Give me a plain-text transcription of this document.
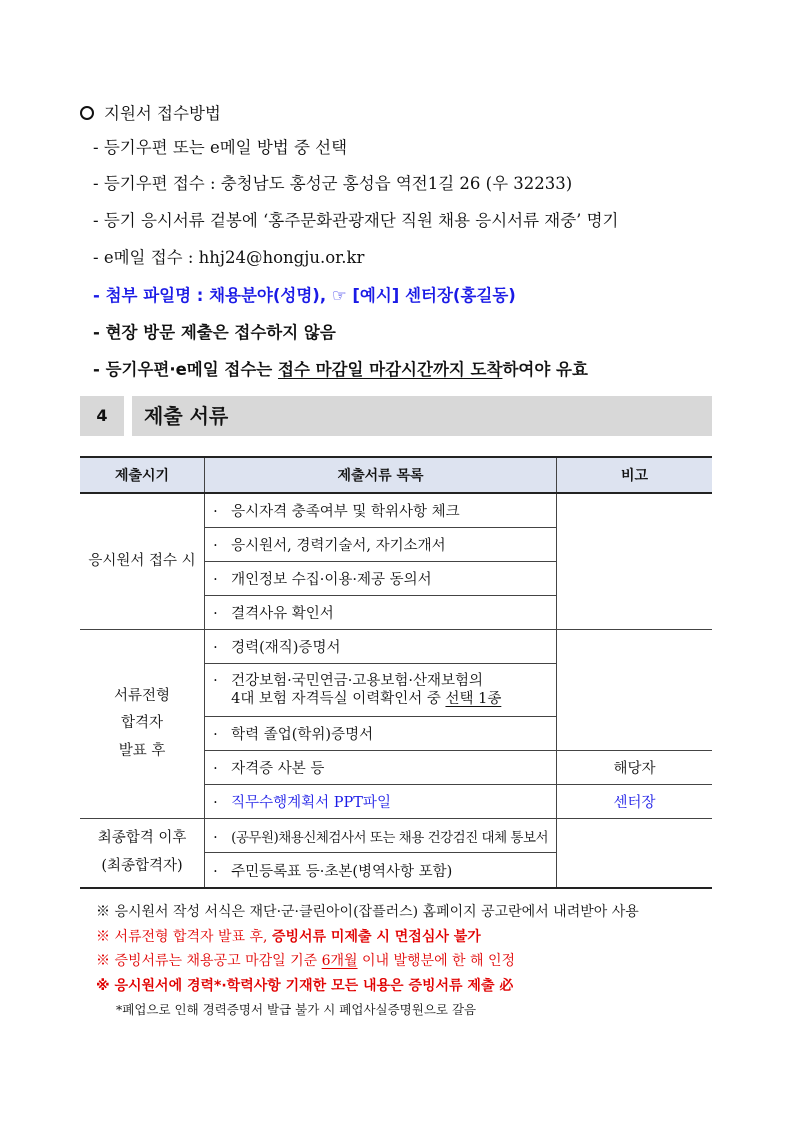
지원서 접수방법
- 등기우편 또는 e메일 방법 중 선택
- 등기우편 접수 : 충청남도 홍성군 홍성읍 역전1길 26 (우 32233)
- 등기 응시서류 겉봉에 ‘홍주문화관광재단 직원 채용 응시서류 재중’ 명기
- e메일 접수 : hhj24@hongju.or.kr
- 첨부 파일명 : 채용분야(성명), ☞ [예시] 센터장(홍길동)
- 현장 방문 제출은 접수하지 않음
- 등기우편·e메일 접수는 접수 마감일 마감시간까지 도착하여야 유효
4	제출 서류
제출시기	제출서류 목록	비고
응시원서 접수 시	· 응시자격 충족여부 및 학위사항 체크	
	· 응시원서, 경력기술서, 자기소개서	
	· 개인정보 수집·이용·제공 동의서	
	· 결격사유 확인서	
서류전형
합격자
발표 후	· 경력(재직)증명서	
	· 건강보험·국민연금·고용보험·산재보험의
4대 보험 자격득실 이력확인서 중 선택 1종	
	· 학력 졸업(학위)증명서	
	· 자격증 사본 등	해당자
	· 직무수행계획서 PPT파일	센터장
최종합격 이후
(최종합격자)	· (공무원)채용신체검사서 또는 채용 건강검진 대체 통보서	
	· 주민등록표 등·초본(병역사항 포함)	
※ 응시원서 작성 서식은 재단·군·클린아이(잡플러스) 홈페이지 공고란에서 내려받아 사용
※ 서류전형 합격자 발표 후, 증빙서류 미제출 시 면접심사 불가
※ 증빙서류는 채용공고 마감일 기준 6개월 이내 발행분에 한 해 인정
※ 응시원서에 경력*·학력사항 기재한 모든 내용은 증빙서류 제출 必
*폐업으로 인해 경력증명서 발급 불가 시 폐업사실증명원으로 갈음
